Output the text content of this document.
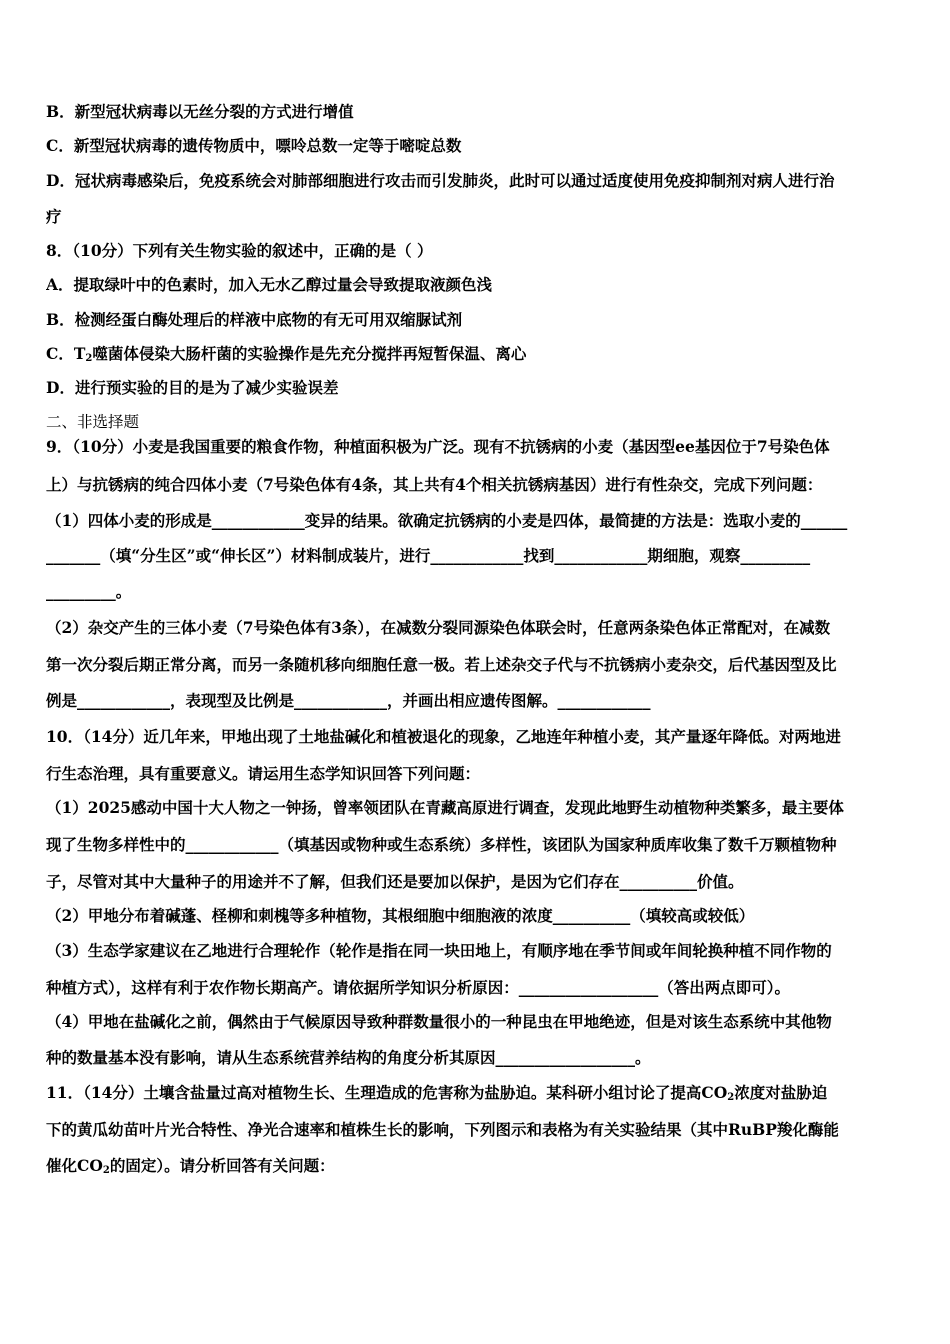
B．新型冠状病毒以无丝分裂的方式进行增值
C．新型冠状病毒的遗传物质中，嘌呤总数一定等于嘧啶总数
D．冠状病毒感染后，免疫系统会对肺部细胞进行攻击而引发肺炎，此时可以通过适度使用免疫抑制剂对病人进行治
疗
8．（10分）下列有关生物实验的叙述中，正确的是（ ）
A．提取绿叶中的色素时，加入无水乙醇过量会导致提取液颜色浅
B．检测经蛋白酶处理后的样液中底物的有无可用双缩脲试剂
C．$T_2$噬菌体侵染大肠杆菌的实验操作是先充分搅拌再短暂保温、离心
D．进行预实验的目的是为了减少实验误差
二、非选择题
9．（10分）小麦是我国重要的粮食作物，种植面积极为广泛。现有不抗锈病的小麦（基因型ee基因位于7号染色体
上）与抗锈病的纯合四体小麦（7号染色体有4条，其上共有4个相关抗锈病基因）进行有性杂交，完成下列问题：
（1）四体小麦的形成是____________变异的结果。欲确定抗锈病的小麦是四体，最简捷的方法是：选取小麦的______
_______（填“分生区”或“伸长区”）材料制成装片，进行____________找到____________期细胞，观察_________
_________。
（2）杂交产生的三体小麦（7号染色体有3条），在减数分裂同源染色体联会时，任意两条染色体正常配对，在减数
第一次分裂后期正常分离，而另一条随机移向细胞任意一极。若上述杂交子代与不抗锈病小麦杂交，后代基因型及比
例是____________，表现型及比例是____________，并画出相应遗传图解。____________
10．（14分）近几年来，甲地出现了土地盐碱化和植被退化的现象，乙地连年种植小麦，其产量逐年降低。对两地进
行生态治理，具有重要意义。请运用生态学知识回答下列问题：
（1）2025感动中国十大人物之一钟扬，曾率领团队在青藏高原进行调查，发现此地野生动植物种类繁多，最主要体
现了生物多样性中的____________（填基因或物种或生态系统）多样性，该团队为国家种质库收集了数千万颗植物种
子，尽管对其中大量种子的用途并不了解，但我们还是要加以保护，是因为它们存在__________价值。
（2）甲地分布着碱蓬、柽柳和刺槐等多种植物，其根细胞中细胞液的浓度__________（填较高或较低）
（3）生态学家建议在乙地进行合理轮作（轮作是指在同一块田地上，有顺序地在季节间或年间轮换种植不同作物的
种植方式），这样有利于农作物长期高产。请依据所学知识分析原因：__________________（答出两点即可）。
（4）甲地在盐碱化之前，偶然由于气候原因导致种群数量很小的一种昆虫在甲地绝迹，但是对该生态系统中其他物
种的数量基本没有影响，请从生态系统营养结构的角度分析其原因__________________。
11．（14分）土壤含盐量过高对植物生长、生理造成的危害称为盐胁迫。某科研小组讨论了提高$CO_2$浓度对盐胁迫
下的黄瓜幼苗叶片光合特性、净光合速率和植株生长的影响，下列图示和表格为有关实验结果（其中RuBP羧化酶能
催化$CO_2$的固定）。请分析回答有关问题：
